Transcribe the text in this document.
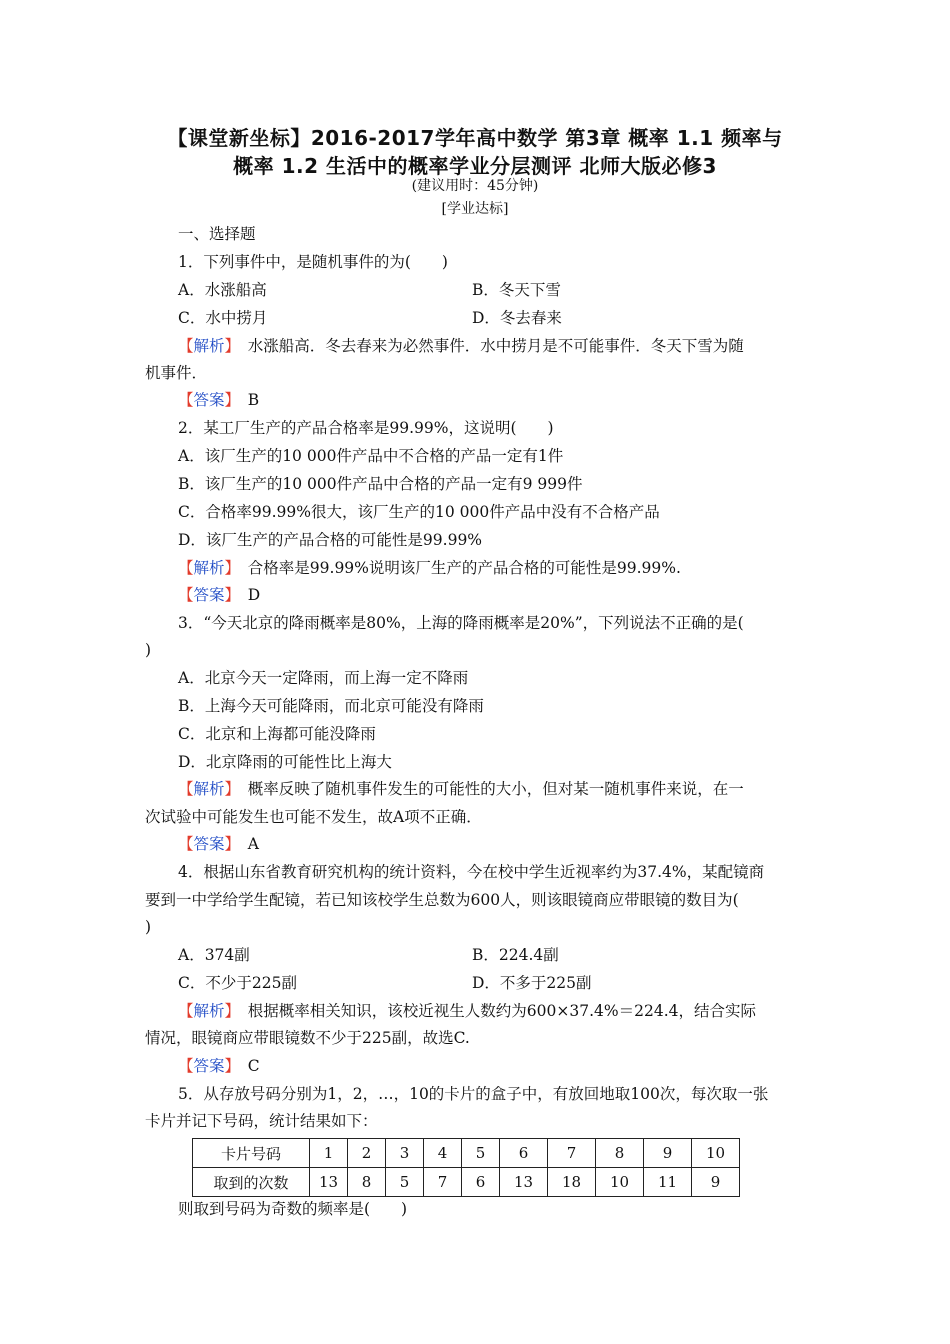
【课堂新坐标】2016-2017学年高中数学 第3章 概率 1.1 频率与
概率 1.2 生活中的概率学业分层测评 北师大版必修3
(建议用时：45分钟)
[学业达标]
一、选择题
1．下列事件中，是随机事件的为(　　)
A．水涨船高	B．冬天下雪
C．水中捞月	D．冬去春来
【解析】　水涨船高．冬去春来为必然事件．水中捞月是不可能事件．冬天下雪为随
机事件．
【答案】　B
2．某工厂生产的产品合格率是99.99%，这说明(　　)
A．该厂生产的10 000件产品中不合格的产品一定有1件
B．该厂生产的10 000件产品中合格的产品一定有9 999件
C．合格率99.99%很大，该厂生产的10 000件产品中没有不合格产品
D．该厂生产的产品合格的可能性是99.99%
【解析】　合格率是99.99%说明该厂生产的产品合格的可能性是99.99%.
【答案】　D
3．“今天北京的降雨概率是80%，上海的降雨概率是20%”，下列说法不正确的是(
)
A．北京今天一定降雨，而上海一定不降雨
B．上海今天可能降雨，而北京可能没有降雨
C．北京和上海都可能没降雨
D．北京降雨的可能性比上海大
【解析】　概率反映了随机事件发生的可能性的大小，但对某一随机事件来说，在一
次试验中可能发生也可能不发生，故A项不正确．
【答案】　A
4．根据山东省教育研究机构的统计资料，今在校中学生近视率约为37.4%，某配镜商
要到一中学给学生配镜，若已知该校学生总数为600人，则该眼镜商应带眼镜的数目为(
)
A．374副	B．224.4副
C．不少于225副	D．不多于225副
【解析】　根据概率相关知识，该校近视生人数约为600×37.4%＝224.4，结合实际
情况，眼镜商应带眼镜数不少于225副，故选C.
【答案】　C
5．从存放号码分别为1，2，…，10的卡片的盒子中，有放回地取100次，每次取一张
卡片并记下号码，统计结果如下：
卡片号码	1	2	3	4	5	6	7	8	9	10
取到的次数	13	8	5	7	6	13	18	10	11	9
则取到号码为奇数的频率是(　　)
